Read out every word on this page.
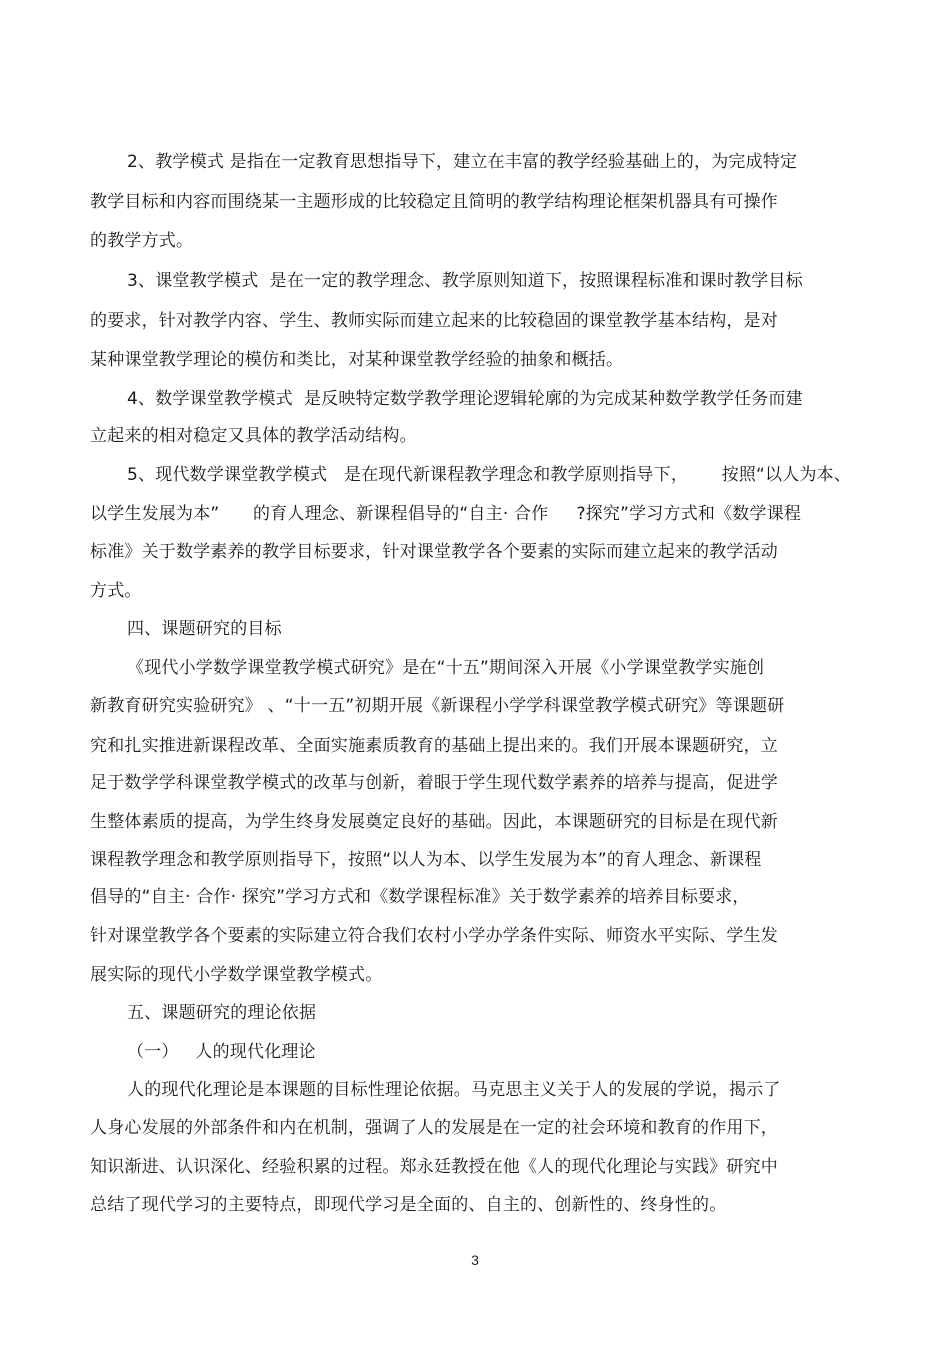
2、教学模式 是指在一定教育思想指导下，建立在丰富的教学经验基础上的，为完成特定
教学目标和内容而围绕某一主题形成的比较稳定且简明的教学结构理论框架机器具有可操作
的教学方式。
3、课堂教学模式  是在一定的教学理念、教学原则知道下，按照课程标准和课时教学目标
的要求，针对教学内容、学生、教师实际而建立起来的比较稳固的课堂教学基本结构，是对
某种课堂教学理论的模仿和类比，对某种课堂教学经验的抽象和概括。
4、数学课堂教学模式  是反映特定数学教学理论逻辑轮廓的为完成某种数学教学任务而建
立起来的相对稳定又具体的教学活动结构。
5、现代数学课堂教学模式   是在现代新课程教学理念和教学原则指导下，      按照“以人为本、
以学生发展为本”      的育人理念、新课程倡导的“自主· 合作     ?探究”学习方式和《数学课程
标准》关于数学素养的教学目标要求，针对课堂教学各个要素的实际而建立起来的教学活动
方式。
四、课题研究的目标
《现代小学数学课堂教学模式研究》是在“十五”期间深入开展《小学课堂教学实施创
新教育研究实验研究》 、“十一五”初期开展《新课程小学学科课堂教学模式研究》等课题研
究和扎实推进新课程改革、全面实施素质教育的基础上提出来的。我们开展本课题研究，立
足于数学学科课堂教学模式的改革与创新，着眼于学生现代数学素养的培养与提高，促进学
生整体素质的提高，为学生终身发展奠定良好的基础。因此，本课题研究的目标是在现代新
课程教学理念和教学原则指导下，按照“以人为本、以学生发展为本”的育人理念、新课程
倡导的“自主· 合作· 探究”学习方式和《数学课程标准》关于数学素养的培养目标要求，
针对课堂教学各个要素的实际建立符合我们农村小学办学条件实际、师资水平实际、学生发
展实际的现代小学数学课堂教学模式。
五、课题研究的理论依据
（一）   人的现代化理论
人的现代化理论是本课题的目标性理论依据。马克思主义关于人的发展的学说，揭示了
人身心发展的外部条件和内在机制，强调了人的发展是在一定的社会环境和教育的作用下，
知识渐进、认识深化、经验积累的过程。郑永廷教授在他《人的现代化理论与实践》研究中
总结了现代学习的主要特点，即现代学习是全面的、自主的、创新性的、终身性的。
3
